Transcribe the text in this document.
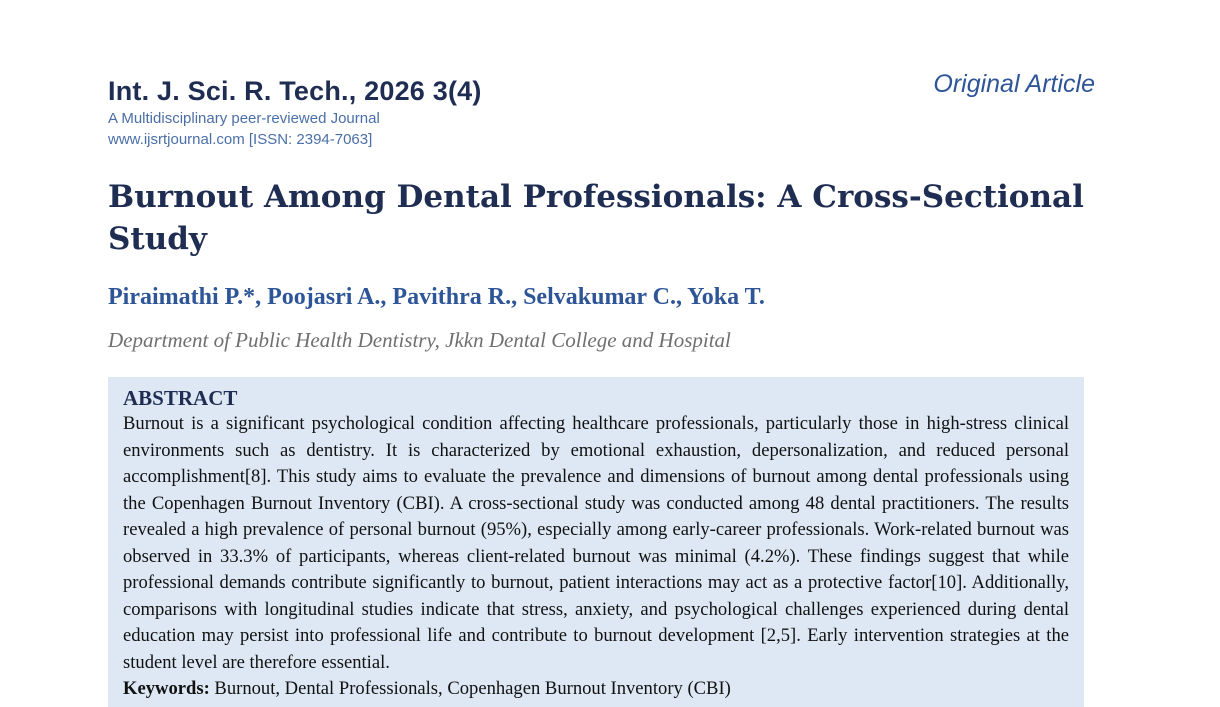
Int. J. Sci. R. Tech., 2026 3(4)

A Multidisciplinary peer-reviewed Journal

www.ijsrtjournal.com [ISSN: 2394-7063]

Original Article
Burnout Among Dental Professionals: A Cross-Sectional Study

Piraimathi P.*, Poojasri A., Pavithra R., Selvakumar C., Yoka T.

Department of Public Health Dentistry, Jkkn Dental College and Hospital

ABSTRACT

Burnout is a significant psychological condition affecting healthcare professionals, particularly those in high-stress clinical environments such as dentistry. It is characterized by emotional exhaustion, depersonalization, and reduced personal accomplishment[8]. This study aims to evaluate the prevalence and dimensions of burnout among dental professionals using the Copenhagen Burnout Inventory (CBI). A cross-sectional study was conducted among 48 dental practitioners. The results revealed a high prevalence of personal burnout (95%), especially among early-career professionals. Work-related burnout was observed in 33.3% of participants, whereas client-related burnout was minimal (4.2%). These findings suggest that while professional demands contribute significantly to burnout, patient interactions may act as a protective factor[10]. Additionally, comparisons with longitudinal studies indicate that stress, anxiety, and psychological challenges experienced during dental education may persist into professional life and contribute to burnout development [2,5]. Early intervention strategies at the student level are therefore essential.

Keywords: Burnout, Dental Professionals, Copenhagen Burnout Inventory (CBI)
